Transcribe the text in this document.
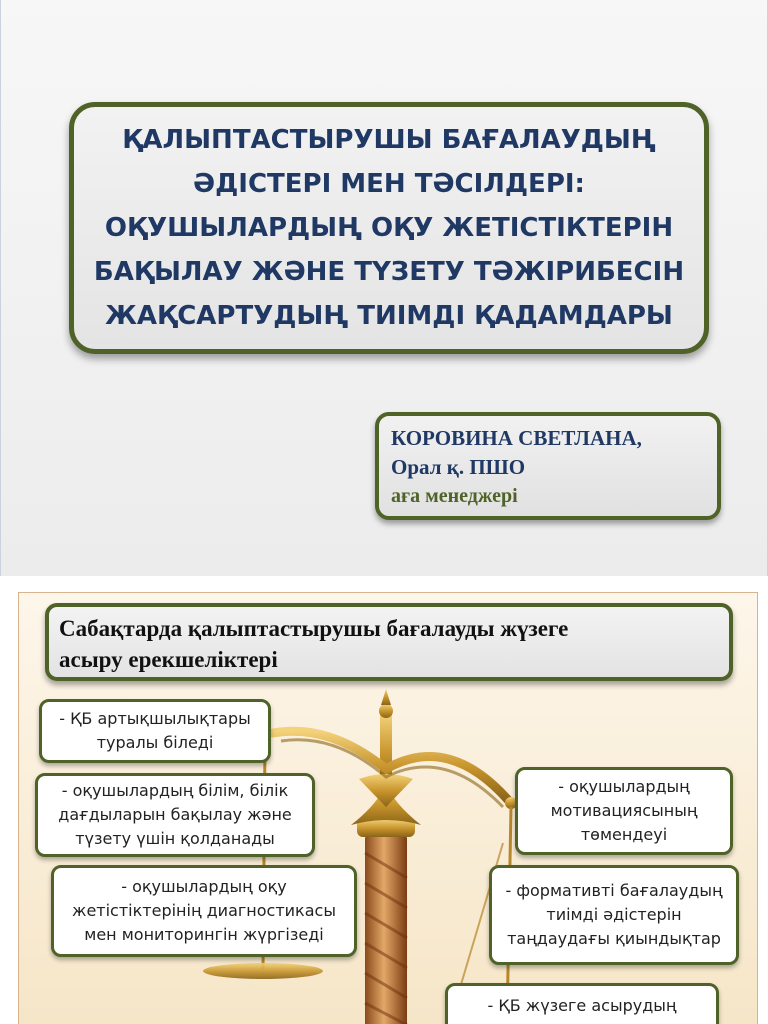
ҚАЛЫПТАСТЫРУШЫ БАҒАЛАУДЫҢ
ӘДІСТЕРІ МЕН ТӘСІЛДЕРІ:
ОҚУШЫЛАРДЫҢ ОҚУ ЖЕТІСТІКТЕРІН
БАҚЫЛАУ ЖӘНЕ ТҮЗЕТУ ТӘЖІРИБЕСІН
ЖАҚСАРТУДЫҢ ТИІМДІ ҚАДАМДАРЫ
КОРОВИНА СВЕТЛАНА,
Орал қ. ПШО
аға менеджері
Сабақтарда қалыптастырушы бағалауды жүзеге
асыру ерекшеліктері
- ҚБ артықшылықтары
туралы біледі
- оқушылардың білім, білік
дағдыларын бақылау және
түзету үшін қолданады
- оқушылардың оқу
жетістіктерінің диагностикасы
мен мониторингін жүргізеді
- оқушылардың
мотивациясының
төмендеуі
- формативті бағалаудың
тиімді әдістерін
таңдаудағы қиындықтар
- ҚБ жүзеге асырудың
